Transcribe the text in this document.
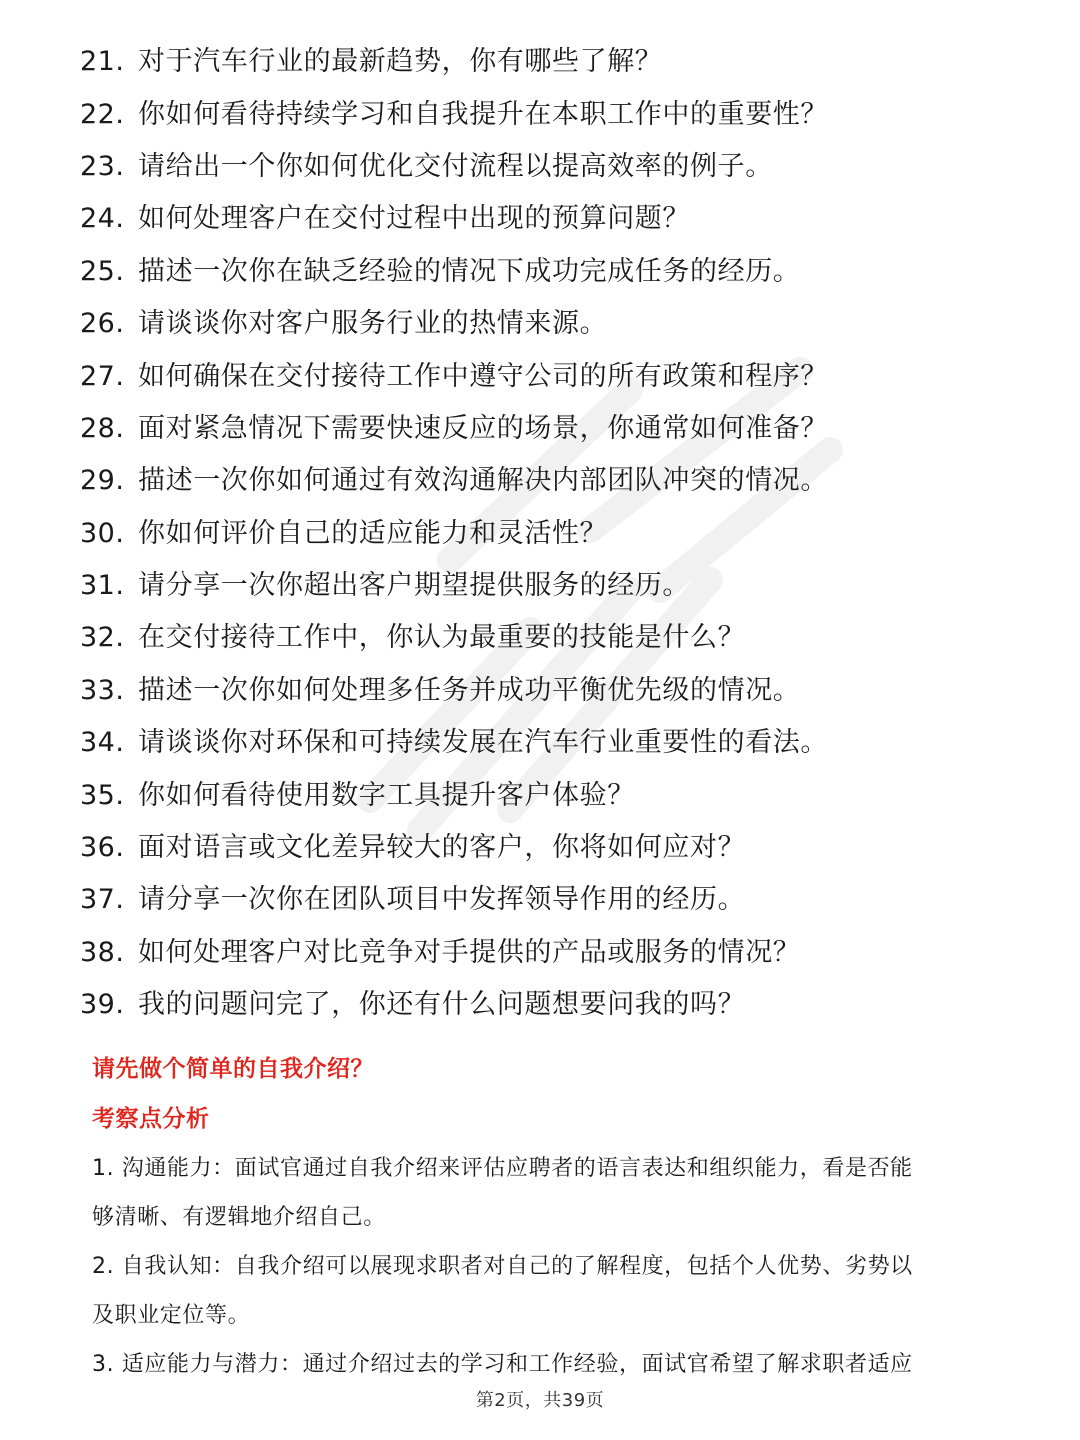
21. 对于汽车行业的最新趋势，你有哪些了解？
22. 你如何看待持续学习和自我提升在本职工作中的重要性？
23. 请给出一个你如何优化交付流程以提高效率的例子。
24. 如何处理客户在交付过程中出现的预算问题？
25. 描述一次你在缺乏经验的情况下成功完成任务的经历。
26. 请谈谈你对客户服务行业的热情来源。
27. 如何确保在交付接待工作中遵守公司的所有政策和程序？
28. 面对紧急情况下需要快速反应的场景，你通常如何准备？
29. 描述一次你如何通过有效沟通解决内部团队冲突的情况。
30. 你如何评价自己的适应能力和灵活性？
31. 请分享一次你超出客户期望提供服务的经历。
32. 在交付接待工作中，你认为最重要的技能是什么？
33. 描述一次你如何处理多任务并成功平衡优先级的情况。
34. 请谈谈你对环保和可持续发展在汽车行业重要性的看法。
35. 你如何看待使用数字工具提升客户体验？
36. 面对语言或文化差异较大的客户，你将如何应对？
37. 请分享一次你在团队项目中发挥领导作用的经历。
38. 如何处理客户对比竞争对手提供的产品或服务的情况？
39. 我的问题问完了，你还有什么问题想要问我的吗？
请先做个简单的自我介绍？
考察点分析
1. 沟通能力：面试官通过自我介绍来评估应聘者的语言表达和组织能力，看是否能
够清晰、有逻辑地介绍自己。
2. 自我认知：自我介绍可以展现求职者对自己的了解程度，包括个人优势、劣势以
及职业定位等。
3. 适应能力与潜力：通过介绍过去的学习和工作经验，面试官希望了解求职者适应
第2页，共39页
